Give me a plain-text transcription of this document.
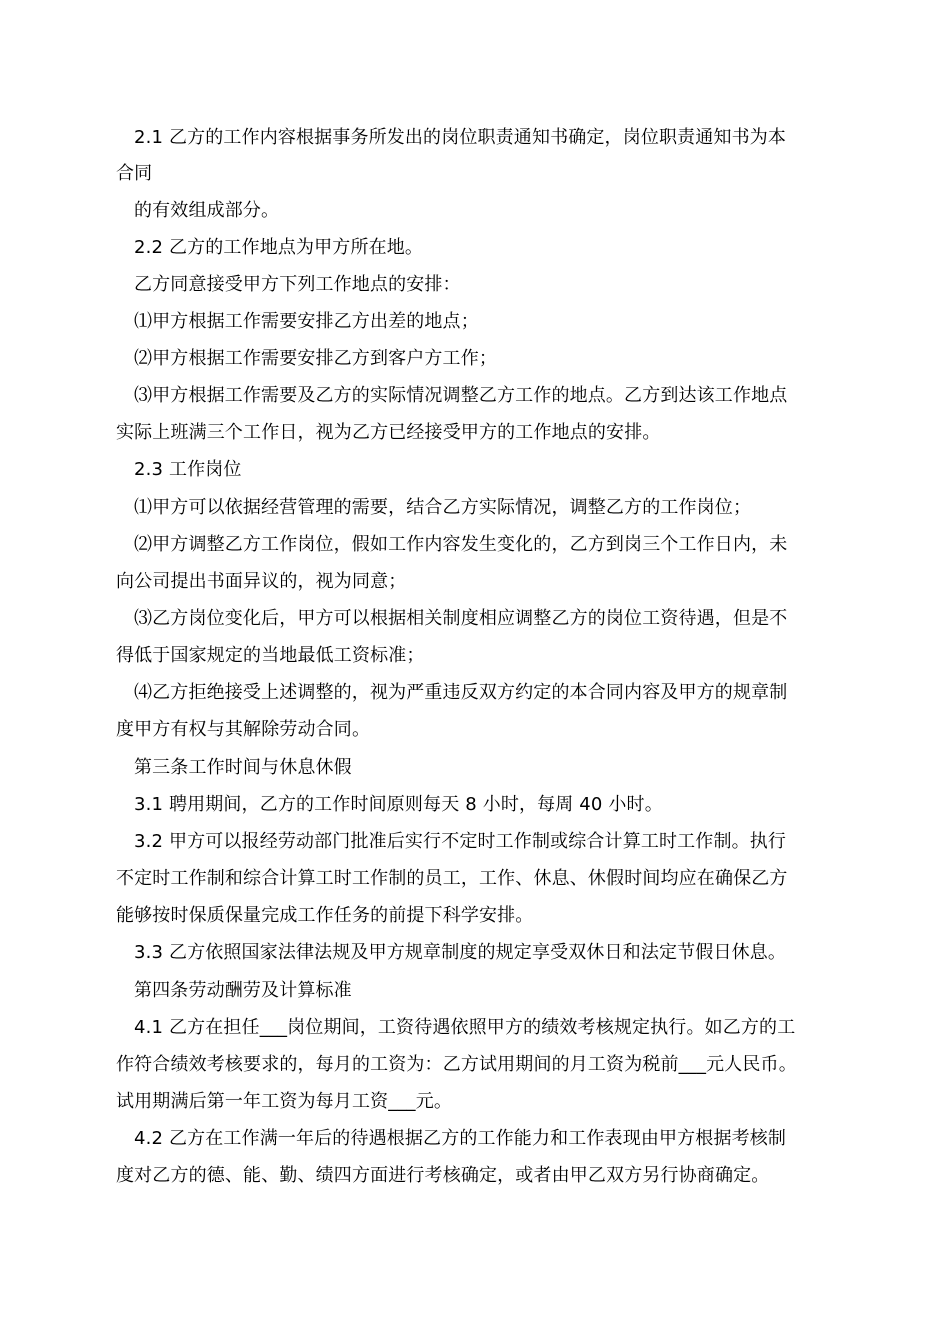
2.1 乙方的工作内容根据事务所发出的岗位职责通知书确定，岗位职责通知书为本
合同
的有效组成部分。
2.2 乙方的工作地点为甲方所在地。
乙方同意接受甲方下列工作地点的安排：
⑴甲方根据工作需要安排乙方出差的地点；
⑵甲方根据工作需要安排乙方到客户方工作；
⑶甲方根据工作需要及乙方的实际情况调整乙方工作的地点。乙方到达该工作地点
实际上班满三个工作日，视为乙方已经接受甲方的工作地点的安排。
2.3 工作岗位
⑴甲方可以依据经营管理的需要，结合乙方实际情况，调整乙方的工作岗位；
⑵甲方调整乙方工作岗位，假如工作内容发生变化的，乙方到岗三个工作日内，未
向公司提出书面异议的，视为同意；
⑶乙方岗位变化后，甲方可以根据相关制度相应调整乙方的岗位工资待遇，但是不
得低于国家规定的当地最低工资标准；
⑷乙方拒绝接受上述调整的，视为严重违反双方约定的本合同内容及甲方的规章制
度甲方有权与其解除劳动合同。
第三条工作时间与休息休假
3.1 聘用期间，乙方的工作时间原则每天 8 小时，每周 40 小时。
3.2 甲方可以报经劳动部门批准后实行不定时工作制或综合计算工时工作制。执行
不定时工作制和综合计算工时工作制的员工，工作、休息、休假时间均应在确保乙方
能够按时保质保量完成工作任务的前提下科学安排。
3.3 乙方依照国家法律法规及甲方规章制度的规定享受双休日和法定节假日休息。
第四条劳动酬劳及计算标准
4.1 乙方在担任___岗位期间，工资待遇依照甲方的绩效考核规定执行。如乙方的工
作符合绩效考核要求的，每月的工资为：乙方试用期间的月工资为税前___元人民币。
试用期满后第一年工资为每月工资___元。
4.2 乙方在工作满一年后的待遇根据乙方的工作能力和工作表现由甲方根据考核制
度对乙方的德、能、勤、绩四方面进行考核确定，或者由甲乙双方另行协商确定。
